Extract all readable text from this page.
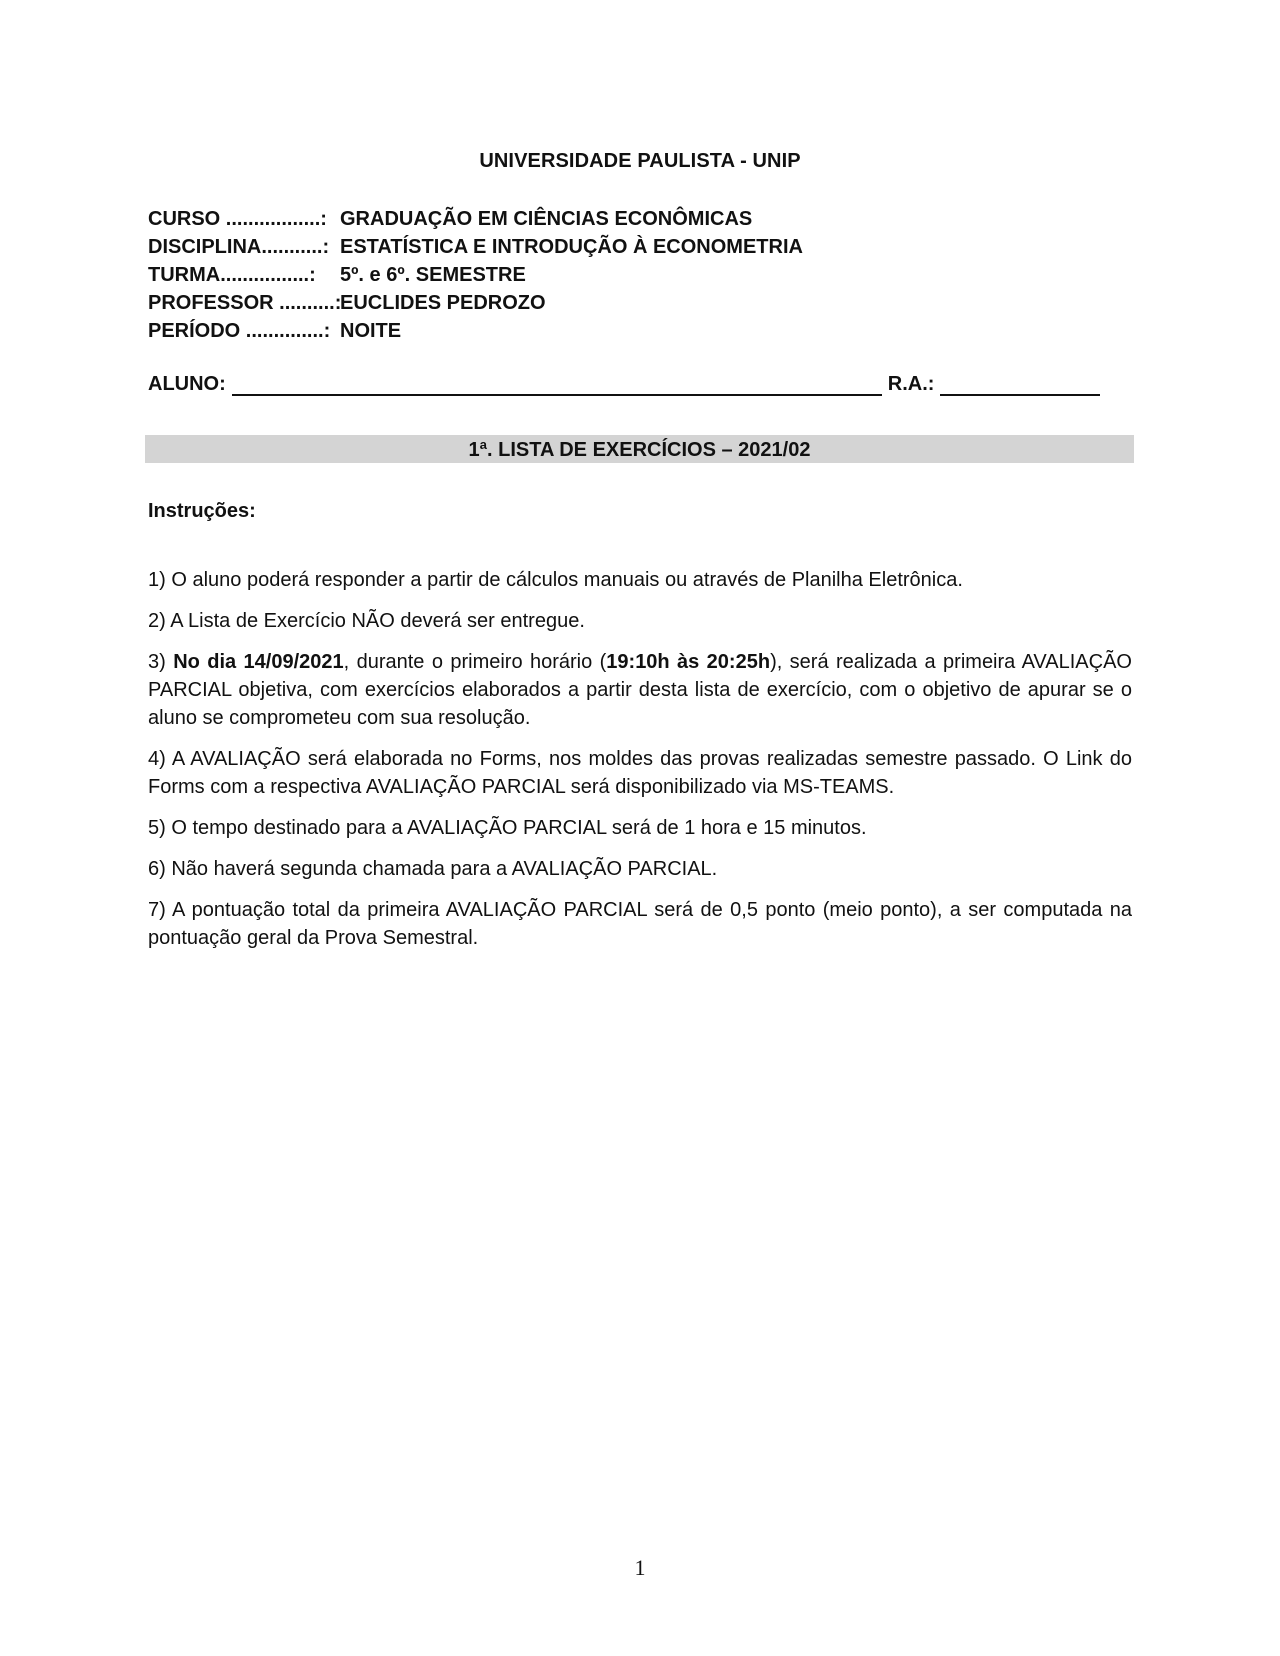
UNIVERSIDADE PAULISTA - UNIP
CURSO .................: GRADUAÇÃO EM CIÊNCIAS ECONÔMICAS
DISCIPLINA...........: ESTATÍSTICA E INTRODUÇÃO À ECONOMETRIA
TURMA................:	5º. e 6º. SEMESTRE
PROFESSOR ..........:
EUCLIDES PEDROZO
PERÍODO ..............: NOITE
ALUNO:	R.A.:
1ª. LISTA DE EXERCÍCIOS – 2021/02
Instruções:

1) O aluno poderá responder a partir de cálculos manuais ou através de Planilha Eletrônica.

2) A Lista de Exercício NÃO deverá ser entregue.

3) No dia 14/09/2021, durante o primeiro horário (19:10h às 20:25h), será realizada a primeira AVALIAÇÃO PARCIAL objetiva, com exercícios elaborados a partir desta lista de exercício, com o objetivo de apurar se o aluno se comprometeu com sua resolução.

4) A AVALIAÇÃO será elaborada no Forms, nos moldes das provas realizadas semestre passado. O Link do Forms com a respectiva AVALIAÇÃO PARCIAL será disponibilizado via MS-TEAMS.

5) O tempo destinado para a AVALIAÇÃO PARCIAL será de 1 hora e 15 minutos.

6) Não haverá segunda chamada para a AVALIAÇÃO PARCIAL.

7) A pontuação total da primeira AVALIAÇÃO PARCIAL será de 0,5 ponto (meio ponto), a ser computada na pontuação geral da Prova Semestral.

1
